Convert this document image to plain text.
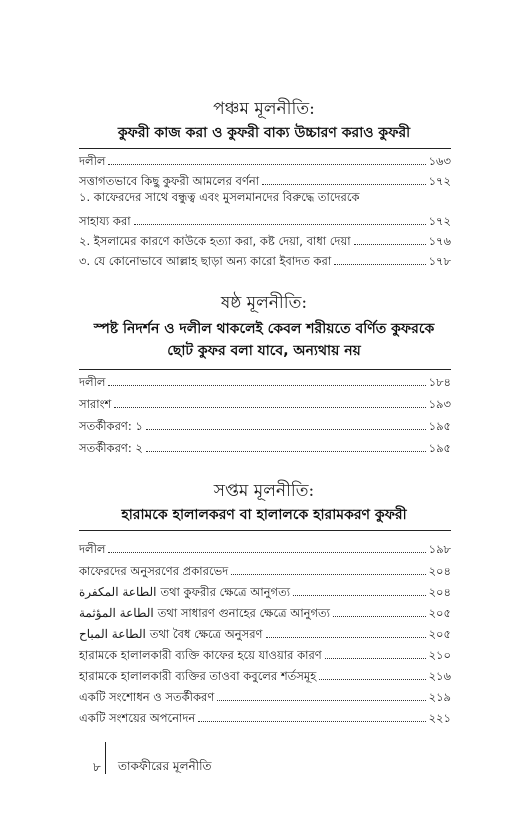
পঞ্চম মূলনীতি:
কুফরী কাজ করা ও কুফরী বাক্য উচ্চারণ করাও কুফরী
দলীল	১৬৩
সত্তাগতভাবে কিছু কুফরী আমলের বর্ণনা	১৭২
১. কাফেরদের সাথে বন্ধুত্ব এবং মুসলমানদের বিরুদ্ধে তাদেরকে
সাহায্য করা	১৭২
২. ইসলামের কারণে কাউকে হত্যা করা, কষ্ট দেয়া, বাধা দেয়া	১৭৬
৩. যে কোনোভাবে আল্লাহ ছাড়া অন্য কারো ইবাদত করা	১৭৮
ষষ্ঠ মূলনীতি:
স্পষ্ট নিদর্শন ও দলীল থাকলেই কেবল শরীয়তে বর্ণিত কুফরকে
ছোট কুফর বলা যাবে, অন্যথায় নয়
দলীল	১৮৪
সারাংশ	১৯৩
সতর্কীকরণ: ১	১৯৫
সতর্কীকরণ: ২	১৯৫
সপ্তম মূলনীতি:
হারামকে হালালকরণ বা হালালকে হারামকরণ কুফরী
দলীল	১৯৮
কাফেরদের অনুসরণের প্রকারভেদ	২০৪
الطاعة المكفرة তথা কুফরীর ক্ষেত্রে আনুগত্য	২০৪
الطاعة المؤثمة তথা সাধারণ গুনাহের ক্ষেত্রে আনুগত্য	২০৫
الطاعة المباح তথা বৈধ ক্ষেত্রে অনুসরণ	২০৫
হারামকে হালালকারী ব্যক্তি কাফের হয়ে যাওয়ার কারণ	২১০
হারামকে হালালকারী ব্যক্তির তাওবা কবুলের শর্তসমূহ	২১৬
একটি সংশোধন ও সতর্কীকরণ	২১৯
একটি সংশয়ের অপনোদন	২২১
৮ তাকফীরের মূলনীতি
